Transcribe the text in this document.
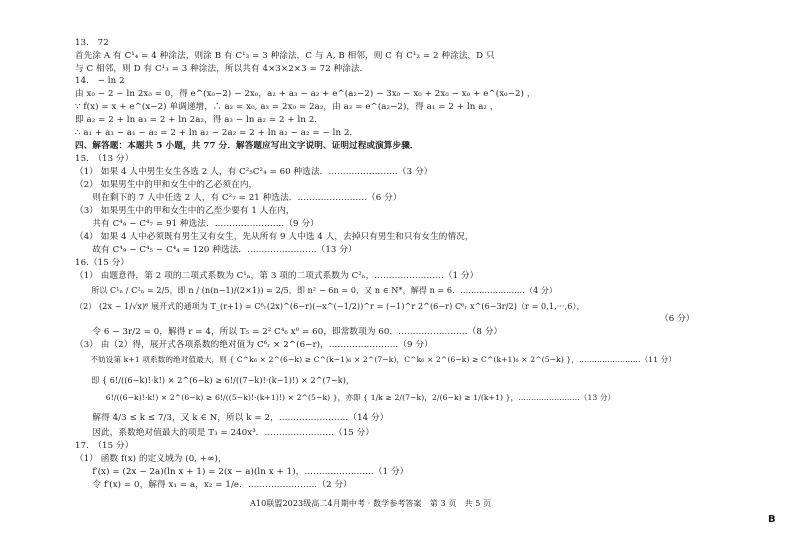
13.　72
首先涂 A 有 C¹₄ = 4 种涂法，则涂 B 有 C¹₃ = 3 种涂法，C 与 A, B 相邻，则 C 有 C¹₂ = 2 种涂法，D 只
与 C 相邻，则 D 有 C¹₃ = 3 种涂法，所以共有 4×3×2×3 = 72 种涂法．
14.　− ln 2
由 x₀ − 2 − ln 2x₀ = 0，得 e^(x₀−2) − 2x₀，a₂ + a₃ − a₂ + e^(a₂−2) − 3x₀ − x₀ + 2x₀ − x₀ + e^(x₀−2) ，
∵ f(x) = x + e^(x−2) 单调递增，∴ a₂ = x₀, a₃ = 2x₀ = 2a₂，由 a₂ = e^(a₂−2)，得 a₁ = 2 + ln a₂ ，
即 a₂ = 2 + ln a₃ = 2 + ln 2a₂，得 a₃ − ln a₂ = 2 + ln 2．
∴ a₁ + a₃ − a₁ − a₂ = 2 + ln a₂ − 2a₂ = 2 + ln a₂ − a₂ = − ln 2．
四、解答题：本题共 5 小题，共 77 分．解答题应写出文字说明、证明过程或演算步骤．
15.　（13 分）
（1） 如果 4 人中男生女生各选 2 人，有 C²₅C²₄ = 60 种选法．……………………（3 分）
（2） 如果男生中的甲和女生中的乙必须在内，
　　则在剩下的 7 人中任选 2 人，有 C²₇ = 21 种选法．……………………（6 分）
（3） 如果男生中的甲和女生中的乙至少要有 1 人在内，
　　共有 C⁴₉ − C⁴₇ = 91 种选法．……………………（9 分）
（4） 如果 4 人中必须既有男生又有女生，先从所有 9 人中选 4 人，去掉只有男生和只有女生的情况，
　　故有 C⁴₉ − C⁴₅ − C⁴₄ = 120 种选法．……………………（13 分）
16.（15 分）
（1） 由题意得，第 2 项的二项式系数为 C¹ₙ，第 3 项的二项式系数为 C²ₙ，……………………（1 分）
　　所以 C¹ₙ / C²ₙ = 2/5，即 n / (n(n−1)/(2×1)) = 2/5，即 n² − 6n = 0，又 n ∈ N*，解得 n = 6．……………………（4 分）
（2） (2x − 1/√x)⁶ 展开式的通项为 T_(r+1) = C⁶ᵣ(2x)^(6−r)(−x^(−1/2))^r = (−1)^r 2^(6−r) C⁶ᵣ x^(6−3r/2)（r = 0,1,···,6），
（6 分）
　　令 6 − 3r/2 = 0，解得 r = 4，所以 T₅ = 2² C⁴₆ x⁰ = 60，即常数项为 60．……………………（8 分）
（3） 由（2）得，展开式各项系数的绝对值为 C⁶ᵣ × 2^(6−r)，……………………（9 分）
　　不妨设第 k+1 项系数的绝对值最大，则 { C^k₆ × 2^(6−k) ≥ C^(k−1)₆ × 2^(7−k)，C^k₆ × 2^(6−k) ≥ C^(k+1)₆ × 2^(5−k) }，……………………（11 分）
　　即 { 6!/((6−k)!·k!) × 2^(6−k) ≥ 6!/((7−k)!·(k−1)!) × 2^(7−k)，
　　　　6!/((6−k)!·k!) × 2^(6−k) ≥ 6!/((5−k)!·(k+1)!) × 2^(5−k) }，亦即 { 1/k ≥ 2/(7−k)，2/(6−k) ≥ 1/(k+1) }，……………………（13 分）
　　解得 4/3 ≤ k ≤ 7/3，又 k ∈ N，所以 k = 2，……………………（14 分）
　　因此，系数绝对值最大的项是 T₃ = 240x³．……………………（15 分）
17.　（15 分）
（1） 函数 f(x) 的定义域为 (0, +∞)，
　　f′(x) = (2x − 2a)(ln x + 1) = 2(x − a)(ln x + 1)，……………………（1 分）
　　令 f′(x) = 0，解得 x₁ = a，x₂ = 1/e．……………………（2 分）
A10联盟2023级高二4月期中考 · 数学参考答案　第 3 页　共 5 页
B
